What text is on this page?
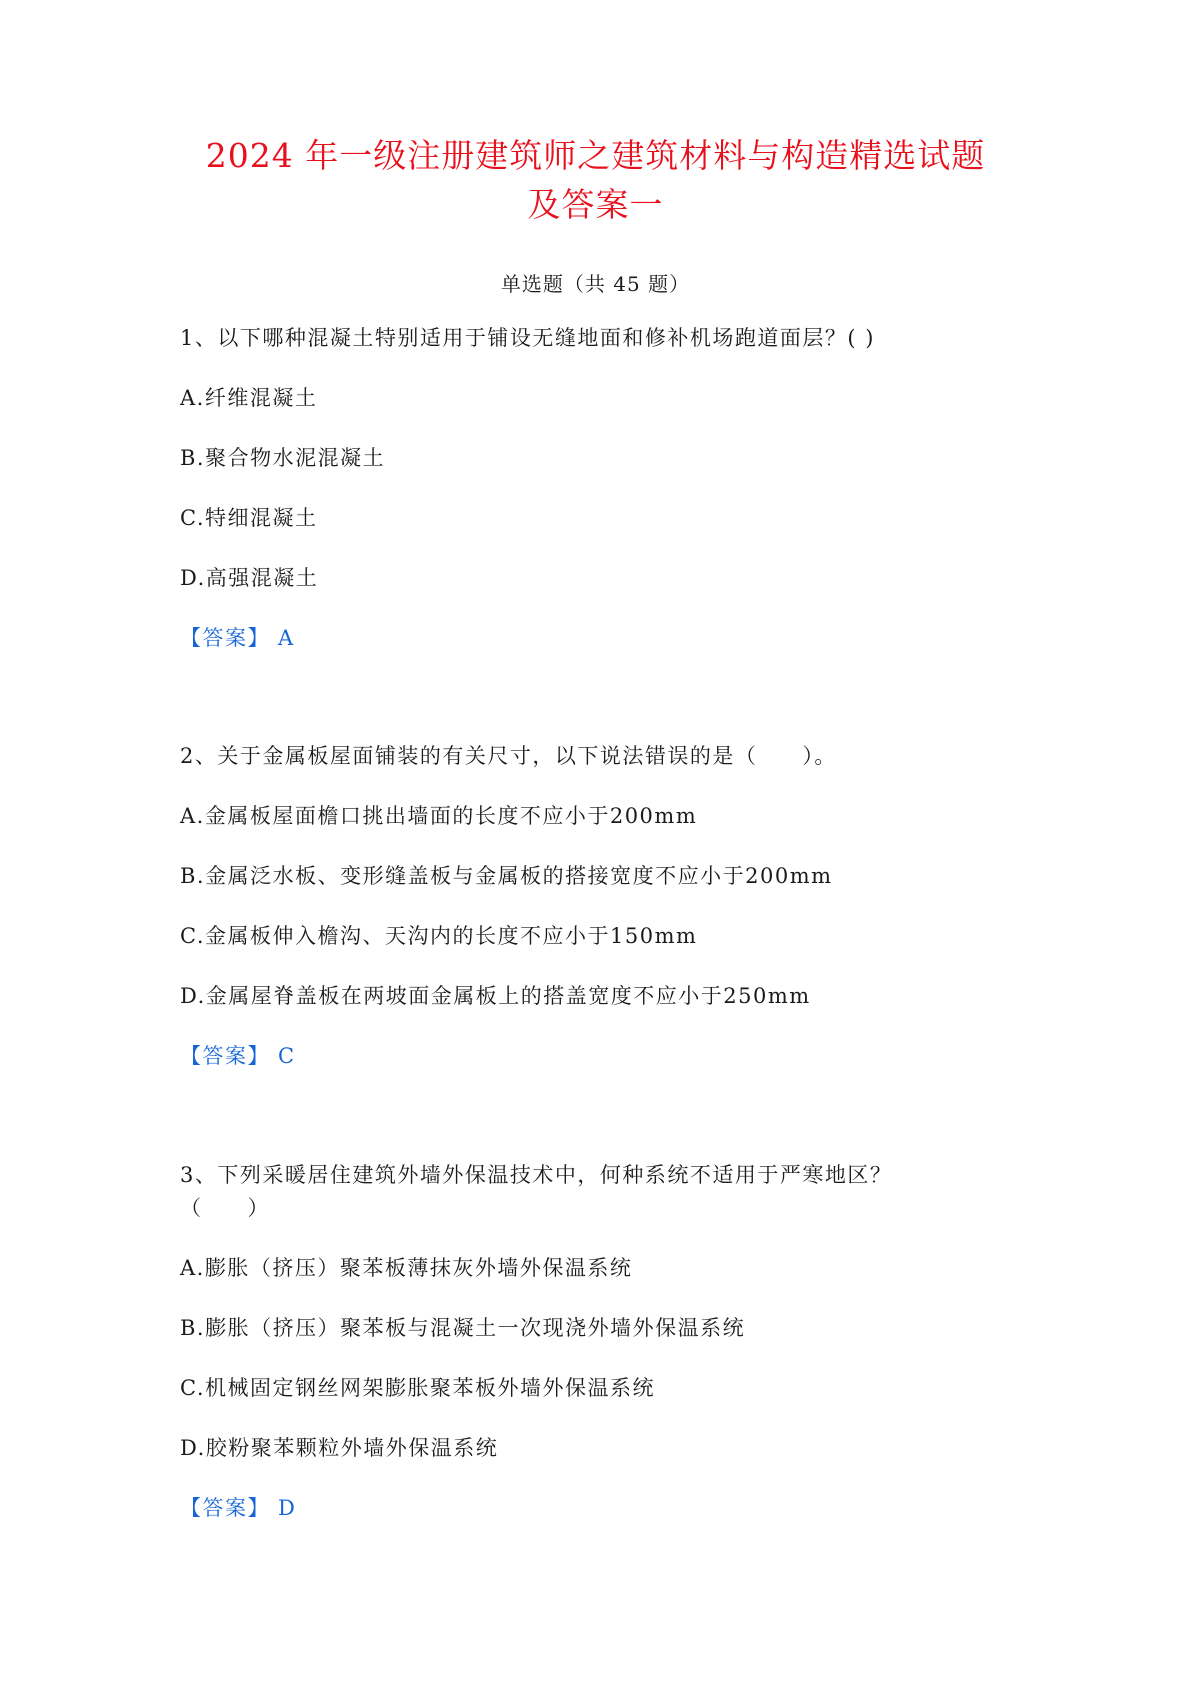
2024 年一级注册建筑师之建筑材料与构造精选试题
及答案一
单选题（共 45 题）
1、以下哪种混凝土特别适用于铺设无缝地面和修补机场跑道面层？( )
A.纤维混凝土
B.聚合物水泥混凝土
C.特细混凝土
D.高强混凝土
【答案】 A
2、关于金属板屋面铺装的有关尺寸，以下说法错误的是（　　）。
A.金属板屋面檐口挑出墙面的长度不应小于200mm
B.金属泛水板、变形缝盖板与金属板的搭接宽度不应小于200mm
C.金属板伸入檐沟、天沟内的长度不应小于150mm
D.金属屋脊盖板在两坡面金属板上的搭盖宽度不应小于250mm
【答案】 C
3、下列采暖居住建筑外墙外保温技术中，何种系统不适用于严寒地区？
（　　）
A.膨胀（挤压）聚苯板薄抹灰外墙外保温系统
B.膨胀（挤压）聚苯板与混凝土一次现浇外墙外保温系统
C.机械固定钢丝网架膨胀聚苯板外墙外保温系统
D.胶粉聚苯颗粒外墙外保温系统
【答案】 D
